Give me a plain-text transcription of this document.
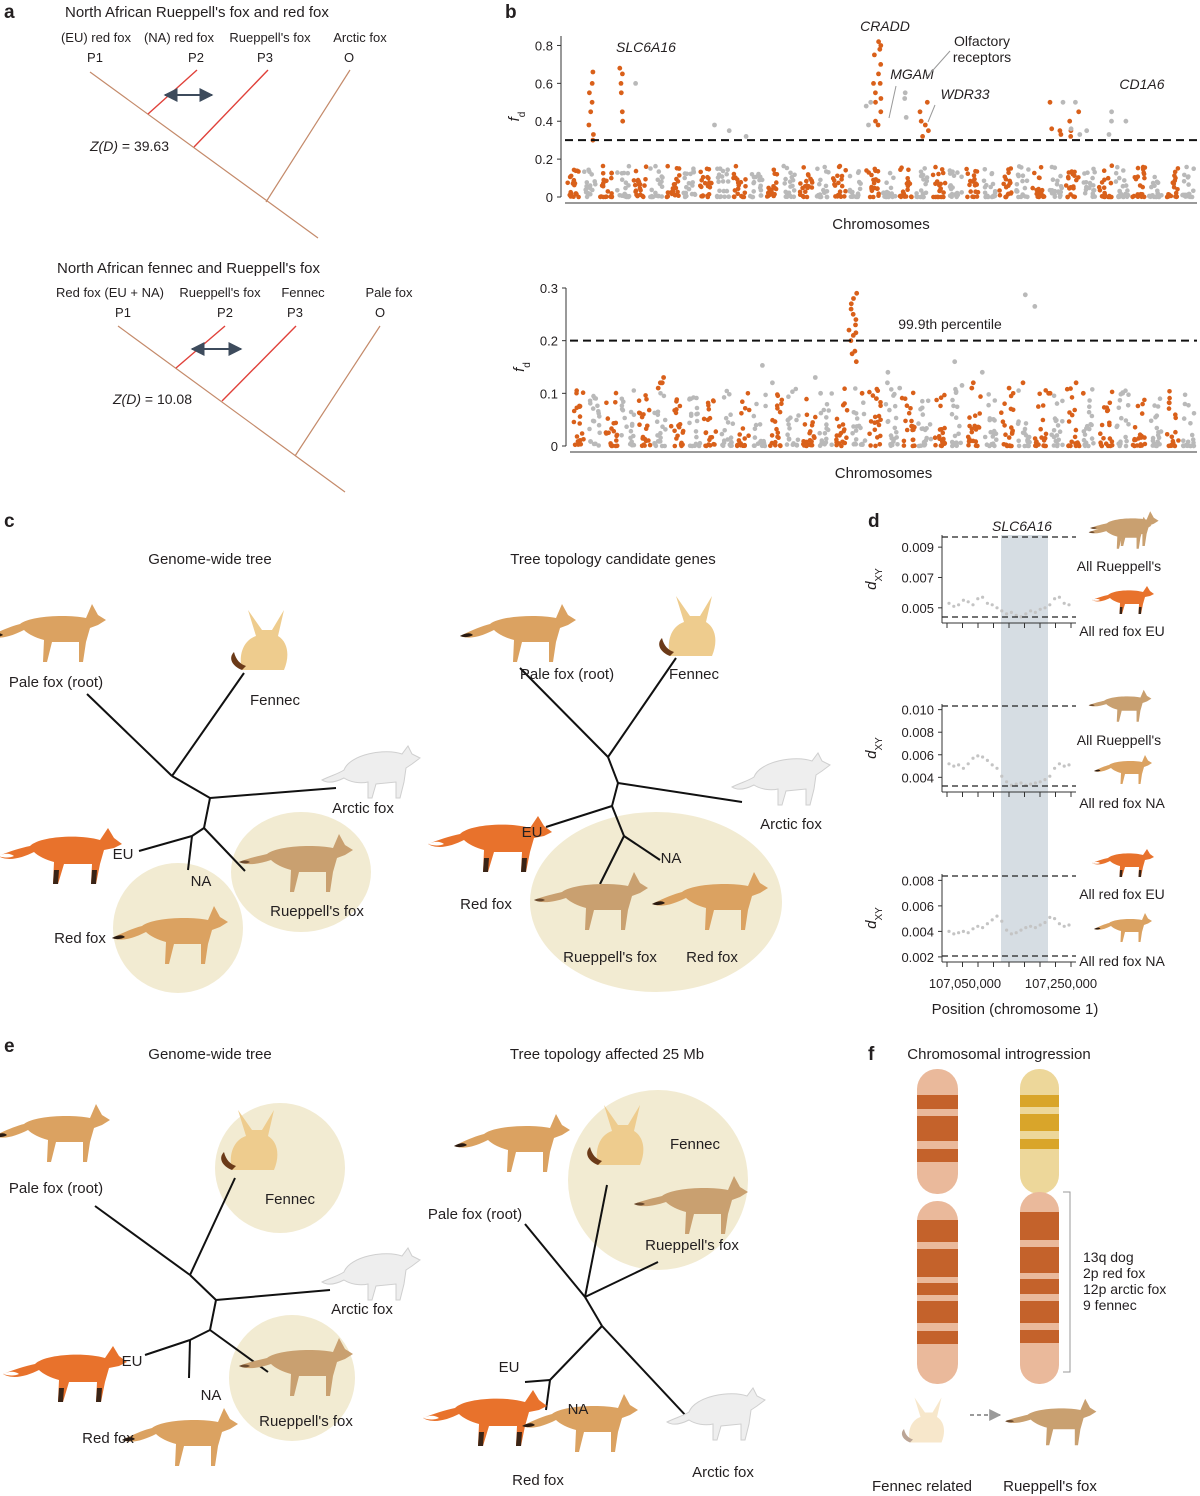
a	North African Rueppell's fox and red fox
(EU) red fox (NA) red fox Rueppell's fox Arctic fox
P1	P2	P3	O
Z(D) = 39.63
North African fennec and Rueppell's fox
Red fox (EU + NA) Rueppell's fox Fennec	Pale fox
P1	P2	P3	O
Z(D) = 10.08
b
0
0.2
0.4
0.6
0.8
Chromosomes
$f_d$
0
0.1
0.2
0.3
Chromosomes
$f_d$
SLC6A16
CRADD
MGAM
WDR33
CD1A6
Olfactory
receptors
99.9th percentile
c
Genome-wide tree	Tree topology candidate genes
Pale fox (root)
Fennec
Arctic fox
EU
NA
Rueppell's fox
Red fox
Pale fox (root)	Fennec
Arctic fox
EU
NA
Rueppell's fox
Red fox
Red fox
d	SLC6A16
0.009
0.007
0.005
$d_{XY}$
0.010
0.008
0.006
0.004
$d_{XY}$
0.008
0.006
0.004
0.002
$d_{XY}$
107,050,000 107,250,000
Position (chromosome 1)
All Rueppell's
All red fox EU
All Rueppell's
All red fox NA
All red fox EU
All red fox NA
e	Genome-wide tree	Tree topology affected 25 Mb
Pale fox (root)
Fennec
Arctic fox
EU
NA
Rueppell's fox
Red fox
Pale fox (root)
Fennec
Rueppell's fox
EU
NA
Red fox	Arctic fox
f Chromosomal introgression
13q dog
2p red fox
12p arctic fox
9 fennec
Fennec related Rueppell's fox
